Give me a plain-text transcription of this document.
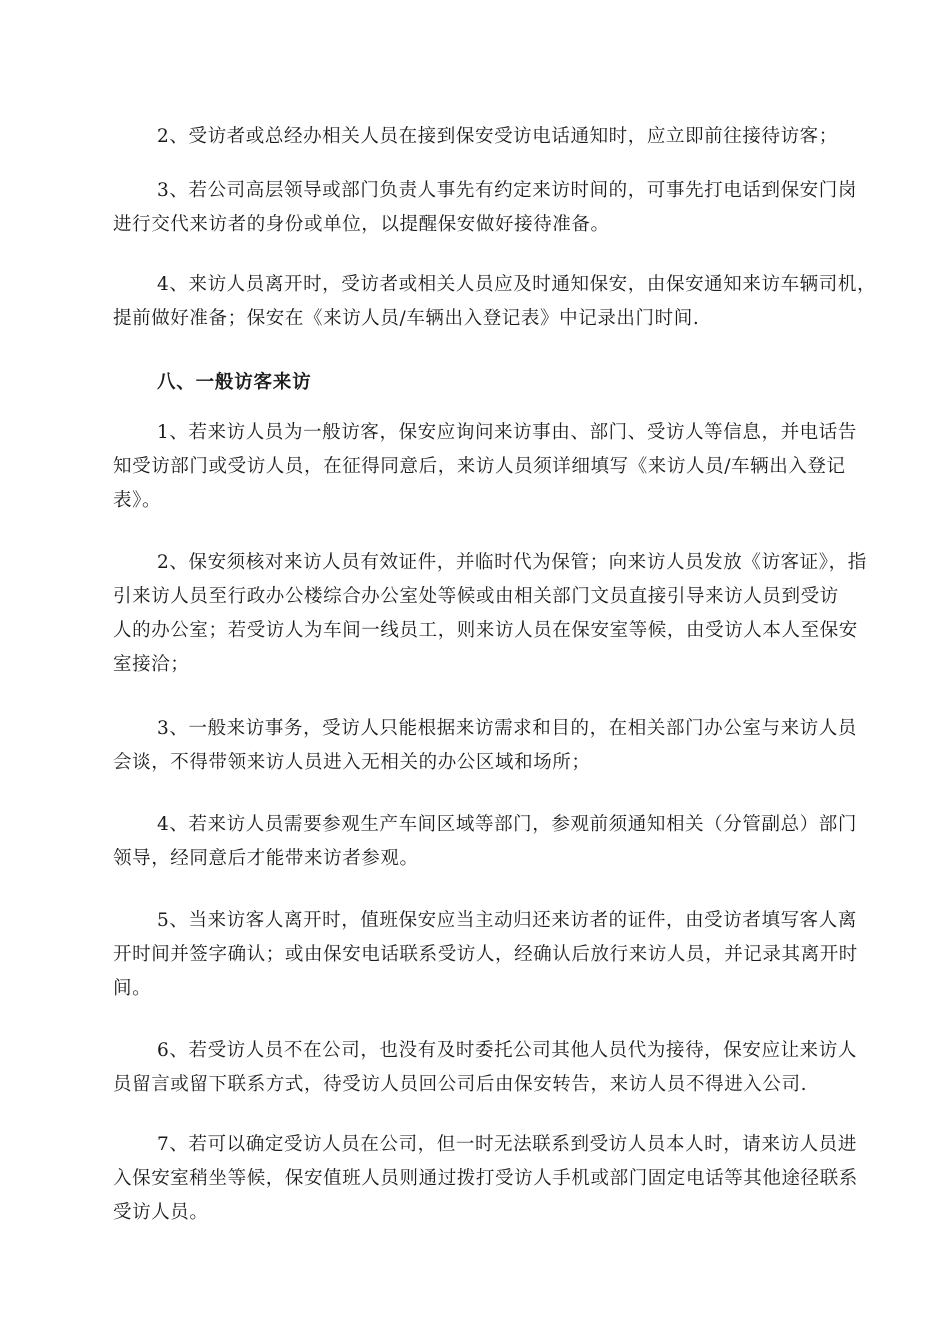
2、受访者或总经办相关人员在接到保安受访电话通知时，应立即前往接待访客；

3、若公司高层领导或部门负责人事先有约定来访时间的，可事先打电话到保安门岗
进行交代来访者的身份或单位，以提醒保安做好接待准备。

4、来访人员离开时，受访者或相关人员应及时通知保安，由保安通知来访车辆司机，
提前做好准备；保安在《来访人员/车辆出入登记表》中记录出门时间.

八、一般访客来访

1、若来访人员为一般访客，保安应询问来访事由、部门、受访人等信息，并电话告
知受访部门或受访人员，在征得同意后，来访人员须详细填写《来访人员/车辆出入登记
表》。

2、保安须核对来访人员有效证件，并临时代为保管；向来访人员发放《访客证》，指
引来访人员至行政办公楼综合办公室处等候或由相关部门文员直接引导来访人员到受访
人的办公室；若受访人为车间一线员工，则来访人员在保安室等候，由受访人本人至保安
室接洽；

3、一般来访事务，受访人只能根据来访需求和目的，在相关部门办公室与来访人员
会谈，不得带领来访人员进入无相关的办公区域和场所；

4、若来访人员需要参观生产车间区域等部门，参观前须通知相关（分管副总）部门
领导，经同意后才能带来访者参观。

5、当来访客人离开时，值班保安应当主动归还来访者的证件，由受访者填写客人离
开时间并签字确认；或由保安电话联系受访人，经确认后放行来访人员，并记录其离开时
间。

6、若受访人员不在公司，也没有及时委托公司其他人员代为接待，保安应让来访人
员留言或留下联系方式，待受访人员回公司后由保安转告，来访人员不得进入公司.

7、若可以确定受访人员在公司，但一时无法联系到受访人员本人时，请来访人员进
入保安室稍坐等候，保安值班人员则通过拨打受访人手机或部门固定电话等其他途径联系
受访人员。
